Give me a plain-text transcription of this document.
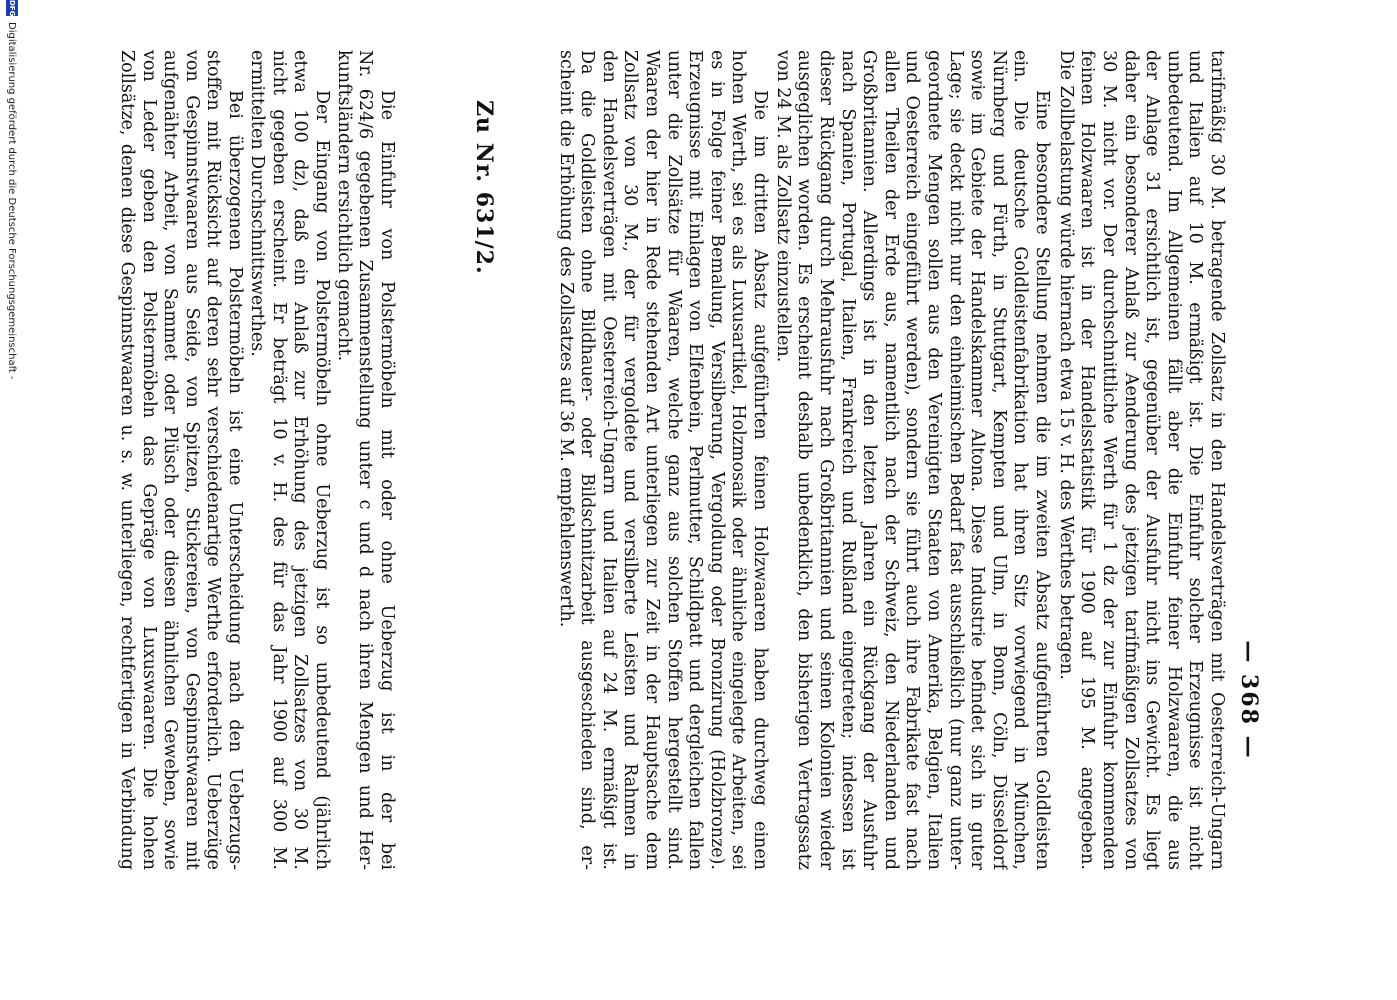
— 368 —
tarifmäßig 30 M. betragende Zollsatz in den Handelsverträgen mit Oesterreich-Ungarn
und Italien auf 10 M. ermäßigt ist. Die Einfuhr solcher Erzeugnisse ist nicht
unbedeutend. Im Allgemeinen fällt aber die Einfuhr feiner Holzwaaren, die aus
der Anlage 31 ersichtlich ist, gegenüber der Ausfuhr nicht ins Gewicht. Es liegt
daher ein besonderer Anlaß zur Aenderung des jetzigen tarifmäßigen Zollsatzes von
30 M. nicht vor. Der durchschnittliche Werth für 1 dz der zur Einfuhr kommenden
feinen Holzwaaren ist in der Handelsstatistik für 1900 auf 195 M. angegeben.
Die Zollbelastung würde hiernach etwa 15 v. H. des Werthes betragen.
Eine besondere Stellung nehmen die im zweiten Absatz aufgeführten Goldleisten
ein. Die deutsche Goldleistenfabrikation hat ihren Sitz vorwiegend in München,
Nürnberg und Fürth, in Stuttgart, Kempten und Ulm, in Bonn, Cöln, Düsseldorf
sowie im Gebiete der Handelskammer Altona. Diese Industrie befindet sich in guter
Lage; sie deckt nicht nur den einheimischen Bedarf fast ausschließlich (nur ganz unter-
geordnete Mengen sollen aus den Vereinigten Staaten von Amerika, Belgien, Italien
und Oesterreich eingeführt werden), sondern sie führt auch ihre Fabrikate fast nach
allen Theilen der Erde aus, namentlich nach der Schweiz, den Niederlanden und
Großbritannien. Allerdings ist in den letzten Jahren ein Rückgang der Ausfuhr
nach Spanien, Portugal, Italien, Frankreich und Rußland eingetreten; indessen ist
dieser Rückgang durch Mehrausfuhr nach Großbritannien und seinen Kolonien wieder
ausgeglichen worden. Es erscheint deshalb unbedenklich, den bisherigen Vertragssatz
von 24 M. als Zollsatz einzustellen.
Die im dritten Absatz aufgeführten feinen Holzwaaren haben durchweg einen
hohen Werth, sei es als Luxusartikel, Holzmosaik oder ähnliche eingelegte Arbeiten, sei
es in Folge feiner Bemalung, Versilberung, Vergoldung oder Bronzirung (Holzbronze).
Erzeugnisse mit Einlagen von Elfenbein, Perlmutter, Schildpatt und dergleichen fallen
unter die Zollsätze für Waaren, welche ganz aus solchen Stoffen hergestellt sind.
Waaren der hier in Rede stehenden Art unterliegen zur Zeit in der Hauptsache dem
Zollsatz von 30 M., der für vergoldete und versilberte Leisten und Rahmen in
den Handelsverträgen mit Oesterreich-Ungarn und Italien auf 24 M. ermäßigt ist.
Da die Goldleisten ohne Bildhauer- oder Bildschnitzarbeit ausgeschieden sind, er-
scheint die Erhöhung des Zollsatzes auf 36 M. empfehlenswerth.
Zu Nr. 631/2.
Die Einfuhr von Polstermöbeln mit oder ohne Ueberzug ist in der bei
Nr. 624/6 gegebenen Zusammenstellung unter c und d nach ihren Mengen und Her-
kunftsländern ersichtlich gemacht.
Der Eingang von Polstermöbeln ohne Ueberzug ist so unbedeutend (jährlich
etwa 100 dz), daß ein Anlaß zur Erhöhung des jetzigen Zollsatzes von 30 M.
nicht gegeben erscheint. Er beträgt 10 v. H. des für das Jahr 1900 auf 300 M.
ermittelten Durchschnittswerthes.
Bei überzogenen Polstermöbeln ist eine Unterscheidung nach den Ueberzugs-
stoffen mit Rücksicht auf deren sehr verschiedenartige Werthe erforderlich. Ueberzüge
von Gespinnstwaaren aus Seide, von Spitzen, Stickereien, von Gespinnstwaaren mit
aufgenähter Arbeit, von Sammet oder Plüsch oder diesen ähnlichen Geweben, sowie
von Leder geben den Polstermöbeln das Gepräge von Luxuswaaren. Die hohen
Zollsätze, denen diese Gespinnstwaaren u. s. w. unterliegen, rechtfertigen in Verbindung
DFGDigitalisierung gefördert durch die Deutsche Forschungsgemeinschaft -
